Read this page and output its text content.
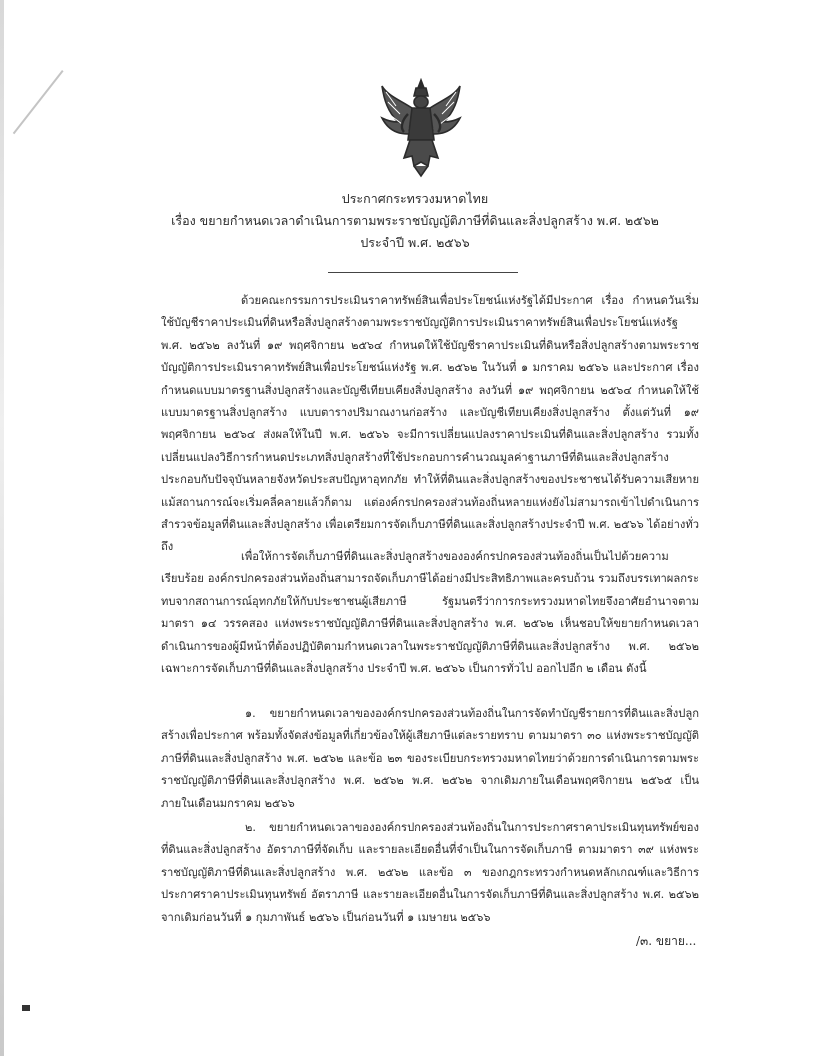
ประกาศกระทรวงมหาดไทย
เรื่อง ขยายกำหนดเวลาดำเนินการตามพระราชบัญญัติภาษีที่ดินและสิ่งปลูกสร้าง พ.ศ. ๒๕๖๒
ประจำปี พ.ศ. ๒๕๖๖
ด้วยคณะกรรมการประเมินราคาทรัพย์สินเพื่อประโยชน์แห่งรัฐได้มีประกาศ เรื่อง กำหนดวันเริ่มใช้บัญชีราคาประเมินที่ดินหรือสิ่งปลูกสร้างตามพระราชบัญญัติการประเมินราคาทรัพย์สินเพื่อประโยชน์แห่งรัฐ พ.ศ. ๒๕๖๒ ลงวันที่ ๑๙ พฤศจิกายน ๒๕๖๔ กำหนดให้ใช้บัญชีราคาประเมินที่ดินหรือสิ่งปลูกสร้างตามพระราชบัญญัติการประเมินราคาทรัพย์สินเพื่อประโยชน์แห่งรัฐ พ.ศ. ๒๕๖๒ ในวันที่ ๑ มกราคม ๒๕๖๖ และประกาศ เรื่อง กำหนดแบบมาตรฐานสิ่งปลูกสร้างและบัญชีเทียบเคียงสิ่งปลูกสร้าง ลงวันที่ ๑๙ พฤศจิกายน ๒๕๖๔ กำหนดให้ใช้แบบมาตรฐานสิ่งปลูกสร้าง แบบตารางปริมาณงานก่อสร้าง และบัญชีเทียบเคียงสิ่งปลูกสร้าง ตั้งแต่วันที่ ๑๙ พฤศจิกายน ๒๕๖๔ ส่งผลให้ในปี พ.ศ. ๒๕๖๖ จะมีการเปลี่ยนแปลงราคาประเมินที่ดินและสิ่งปลูกสร้าง รวมทั้งเปลี่ยนแปลงวิธีการกำหนดประเภทสิ่งปลูกสร้างที่ใช้ประกอบการคำนวณมูลค่าฐานภาษีที่ดินและสิ่งปลูกสร้าง ประกอบกับปัจจุบันหลายจังหวัดประสบปัญหาอุทกภัย ทำให้ที่ดินและสิ่งปลูกสร้างของประชาชนได้รับความเสียหาย แม้สถานการณ์จะเริ่มคลี่คลายแล้วก็ตาม แต่องค์กรปกครองส่วนท้องถิ่นหลายแห่งยังไม่สามารถเข้าไปดำเนินการสำรวจข้อมูลที่ดินและสิ่งปลูกสร้าง เพื่อเตรียมการจัดเก็บภาษีที่ดินและสิ่งปลูกสร้างประจำปี พ.ศ. ๒๕๖๖ ได้อย่างทั่วถึง
เพื่อให้การจัดเก็บภาษีที่ดินและสิ่งปลูกสร้างขององค์กรปกครองส่วนท้องถิ่นเป็นไปด้วยความเรียบร้อย องค์กรปกครองส่วนท้องถิ่นสามารถจัดเก็บภาษีได้อย่างมีประสิทธิภาพและครบถ้วน รวมถึงบรรเทาผลกระทบจากสถานการณ์อุทกภัยให้กับประชาชนผู้เสียภาษี รัฐมนตรีว่าการกระทรวงมหาดไทยจึงอาศัยอำนาจตามมาตรา ๑๔ วรรคสอง แห่งพระราชบัญญัติภาษีที่ดินและสิ่งปลูกสร้าง พ.ศ. ๒๕๖๒ เห็นชอบให้ขยายกำหนดเวลาดำเนินการของผู้มีหน้าที่ต้องปฏิบัติตามกำหนดเวลาในพระราชบัญญัติภาษีที่ดินและสิ่งปลูกสร้าง พ.ศ. ๒๕๖๒ เฉพาะการจัดเก็บภาษีที่ดินและสิ่งปลูกสร้าง ประจำปี พ.ศ. ๒๕๖๖ เป็นการทั่วไป ออกไปอีก ๒ เดือน ดังนี้
๑. ขยายกำหนดเวลาขององค์กรปกครองส่วนท้องถิ่นในการจัดทำบัญชีรายการที่ดินและสิ่งปลูกสร้างเพื่อประกาศ พร้อมทั้งจัดส่งข้อมูลที่เกี่ยวข้องให้ผู้เสียภาษีแต่ละรายทราบ ตามมาตรา ๓๐ แห่งพระราชบัญญัติภาษีที่ดินและสิ่งปลูกสร้าง พ.ศ. ๒๕๖๒ และข้อ ๒๓ ของระเบียบกระทรวงมหาดไทยว่าด้วยการดำเนินการตามพระราชบัญญัติภาษีที่ดินและสิ่งปลูกสร้าง พ.ศ. ๒๕๖๒ พ.ศ. ๒๕๖๒ จากเดิมภายในเดือนพฤศจิกายน ๒๕๖๕ เป็นภายในเดือนมกราคม ๒๕๖๖
๒. ขยายกำหนดเวลาขององค์กรปกครองส่วนท้องถิ่นในการประกาศราคาประเมินทุนทรัพย์ของที่ดินและสิ่งปลูกสร้าง อัตราภาษีที่จัดเก็บ และรายละเอียดอื่นที่จำเป็นในการจัดเก็บภาษี ตามมาตรา ๓๙ แห่งพระราชบัญญัติภาษีที่ดินและสิ่งปลูกสร้าง พ.ศ. ๒๕๖๒ และข้อ ๓ ของกฎกระทรวงกำหนดหลักเกณฑ์และวิธีการประกาศราคาประเมินทุนทรัพย์ อัตราภาษี และรายละเอียดอื่นในการจัดเก็บภาษีที่ดินและสิ่งปลูกสร้าง พ.ศ. ๒๕๖๒ จากเดิมก่อนวันที่ ๑ กุมภาพันธ์ ๒๕๖๖ เป็นก่อนวันที่ ๑ เมษายน ๒๕๖๖
/๓. ขยาย...
